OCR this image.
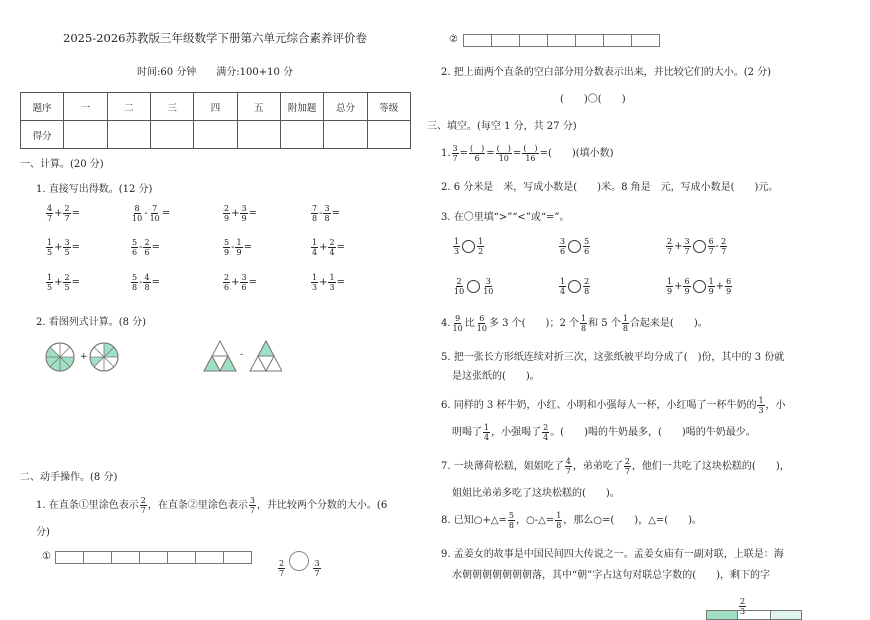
2025-2026苏教版三年级数学下册第六单元综合素养评价卷
时间:60 分钟　　满分:100+10 分
题序	一	二	三	四	五	附加题	总分	等级
得分								
一、计算。(20 分)
1. 直接写出得数。(12 分)
$\frac{4}{7} + \frac{2}{7}$ =	$\frac{8}{10} - \frac{7}{10}$ =	$\frac{2}{9} + \frac{3}{9}$ =	$\frac{7}{8} - \frac{3}{8}$ =
$\frac{1}{5} + \frac{3}{5}$ =	$\frac{5}{6} - \frac{2}{6}$ =	$\frac{5}{9} - \frac{1}{9}$ =	$\frac{1}{4} + \frac{2}{4}$ =
$\frac{1}{5} + \frac{2}{5}$ =	$\frac{5}{8} - \frac{4}{8}$ =	$\frac{2}{6} + \frac{3}{6}$ =	$\frac{1}{3} + \frac{1}{3}$ =
2. 看图列式计算。(8 分)
+	-
二、动手操作。(8 分)
1. 在直条①里涂色表示 $\frac{2}{7}$ ，在直条②里涂色表示 $\frac{3}{7}$ ，并比较两个分数的大小。(6
分)
①
$\frac{2}{7}$
	$\frac{3}{7}$
②
2. 把上面两个直条的空白部分用分数表示出来，并比较它们的大小。(2 分)
(　　)〇(　　)
三、填空。(每空 1 分，共 27 分)
1. $\frac{3}{7} = \frac{( )}{6} = \frac{( )}{10} = \frac{( )}{16}$ =(　　)(填小数)
2. 6 分米是　米，写成小数是(　　)米。8 角是　元，写成小数是(　　)元。
3. 在〇里填“>”“<”或“=”。
$\frac{1}{3} \frac{1}{2}$	$\frac{3}{6} \frac{5}{6}$	$\frac{2}{7} + \frac{3}{7} \frac{6}{7} - \frac{2}{7}$
$\frac{2}{10} \frac{3}{10}$	$\frac{1}{4} \frac{2}{8}$	$\frac{1}{9} + \frac{6}{9} \frac{1}{9} + \frac{6}{9}$
4. $\frac{9}{10}$ 比 $\frac{6}{10}$ 多 3 个(　　)；2 个 $\frac{1}{8}$ 和 5 个 $\frac{1}{8}$ 合起来是(　　)。
5. 把一张长方形纸连续对折三次，这张纸被平均分成了(　)份，其中的 3 份就
是这张纸的(　　)。
6. 同样的 3 杯牛奶，小红、小明和小强每人一杯，小红喝了一杯牛奶的 $\frac{1}{3}$ ，小
明喝了 $\frac{1}{4}$ ，小强喝了 $\frac{2}{4}$ 。(　　)喝的牛奶最多，(　　)喝的牛奶最少。
7. 一块薄荷松糕，姐姐吃了 $\frac{4}{7}$ ，弟弟吃了 $\frac{2}{7}$ ，他们一共吃了这块松糕的(　　)，
姐姐比弟弟多吃了这块松糕的(　　)。
8. 已知○+△= $\frac{5}{8}$ ，○-△= $\frac{1}{8}$ ，那么○=(　　)，△=(　　)。
9. 孟姜女的故事是中国民间四大传说之一。孟姜女庙有一副对联，上联是：海
水朝朝朝朝朝朝朝落，其中“朝”字占这句对联总字数的(　　)，剩下的字
$\frac{2}{3}$
